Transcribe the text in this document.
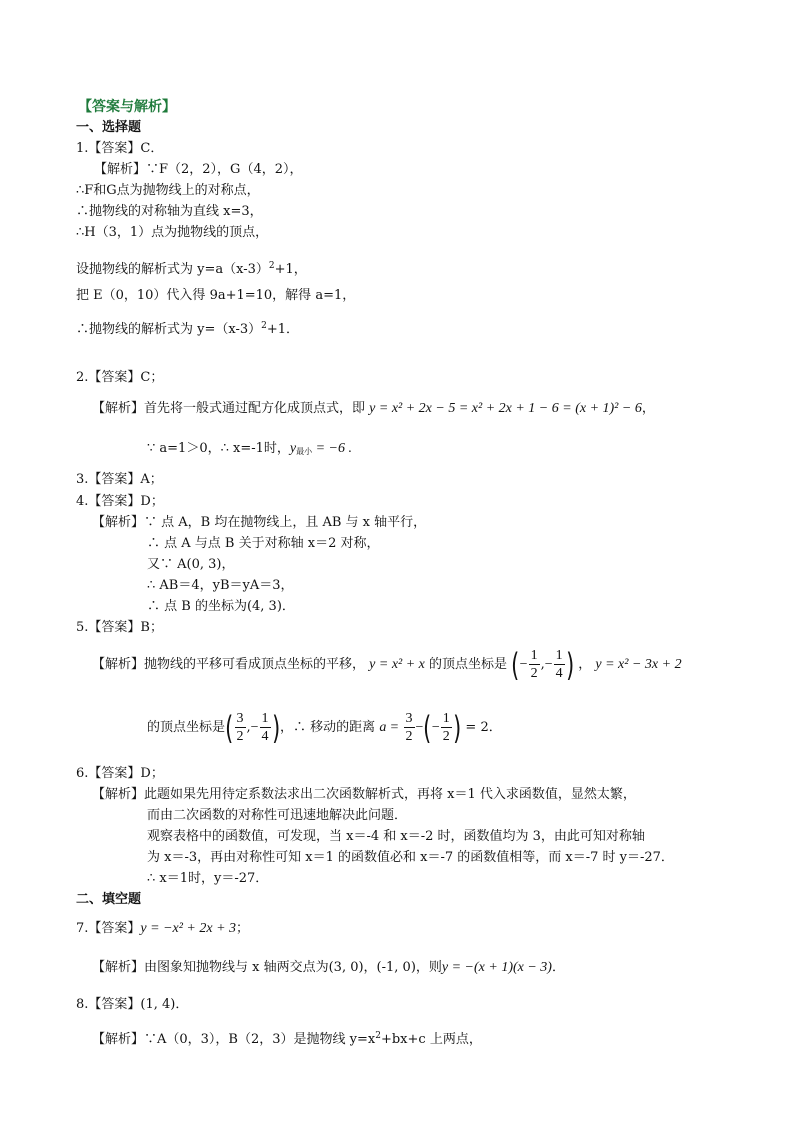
【答案与解析】
一、选择题
1.【答案】C．
【解析】∵F（2，2），G（4，2），
∴F和G点为抛物线上的对称点，
∴抛物线的对称轴为直线 x=3，
∴H（3，1）点为抛物线的顶点，
设抛物线的解析式为 $y=a(x-3)^2+1$，
把 E（0，10）代入得 9a+1=10，解得 a=1，
∴抛物线的解析式为 $y=(x-3)^2+1$．
2.【答案】C；
【解析】首先将一般式通过配方化成顶点式，即 y = x² + 2x − 5 = x² + 2x + 1 − 6 = (x + 1)² − 6，
∵ a=1＞0，∴ x=-1时，$y_{最小} = -6$ .
3.【答案】A；
4.【答案】D；
【解析】∵ 点 A，B 均在抛物线上，且 AB 与 x 轴平行，
∴ 点 A 与点 B 关于对称轴 x＝2 对称，
又∵ A(0, 3)，
∴ AB＝4，yB＝yA＝3，
∴ 点 B 的坐标为(4, 3)．
5.【答案】B；
【解析】抛物线的平移可看成顶点坐标的平移， y = x² + x 的顶点坐标是 (− $\frac{1}{2}$ ,− $\frac{1}{4}$ ) ， y = x² − 3x + 2
的顶点坐标是( $\frac{3}{2}$ ,− $\frac{1}{4}$ )，∴ 移动的距离 $a = \frac{3}{2}$ −(− $\frac{1}{2}$ ) = 2．
6.【答案】D；
【解析】此题如果先用待定系数法求出二次函数解析式，再将 x＝1 代入求函数值，显然太繁，
而由二次函数的对称性可迅速地解决此问题．
观察表格中的函数值，可发现，当 x＝-4 和 x＝-2 时，函数值均为 3，由此可知对称轴
为 x＝-3，再由对称性可知 x＝1 的函数值必和 x＝-7 的函数值相等，而 x＝-7 时 y＝-27．
∴ x＝1时，y＝-27．
二、填空题
7.【答案】y = −x² + 2x + 3；
【解析】由图象知抛物线与 x 轴两交点为(3, 0)，(-1, 0)，则y = −(x + 1)(x − 3)．
8.【答案】(1, 4)．
【解析】∵A（0，3），B（2，3）是抛物线 $y=x^2+bx+c$ 上两点，
